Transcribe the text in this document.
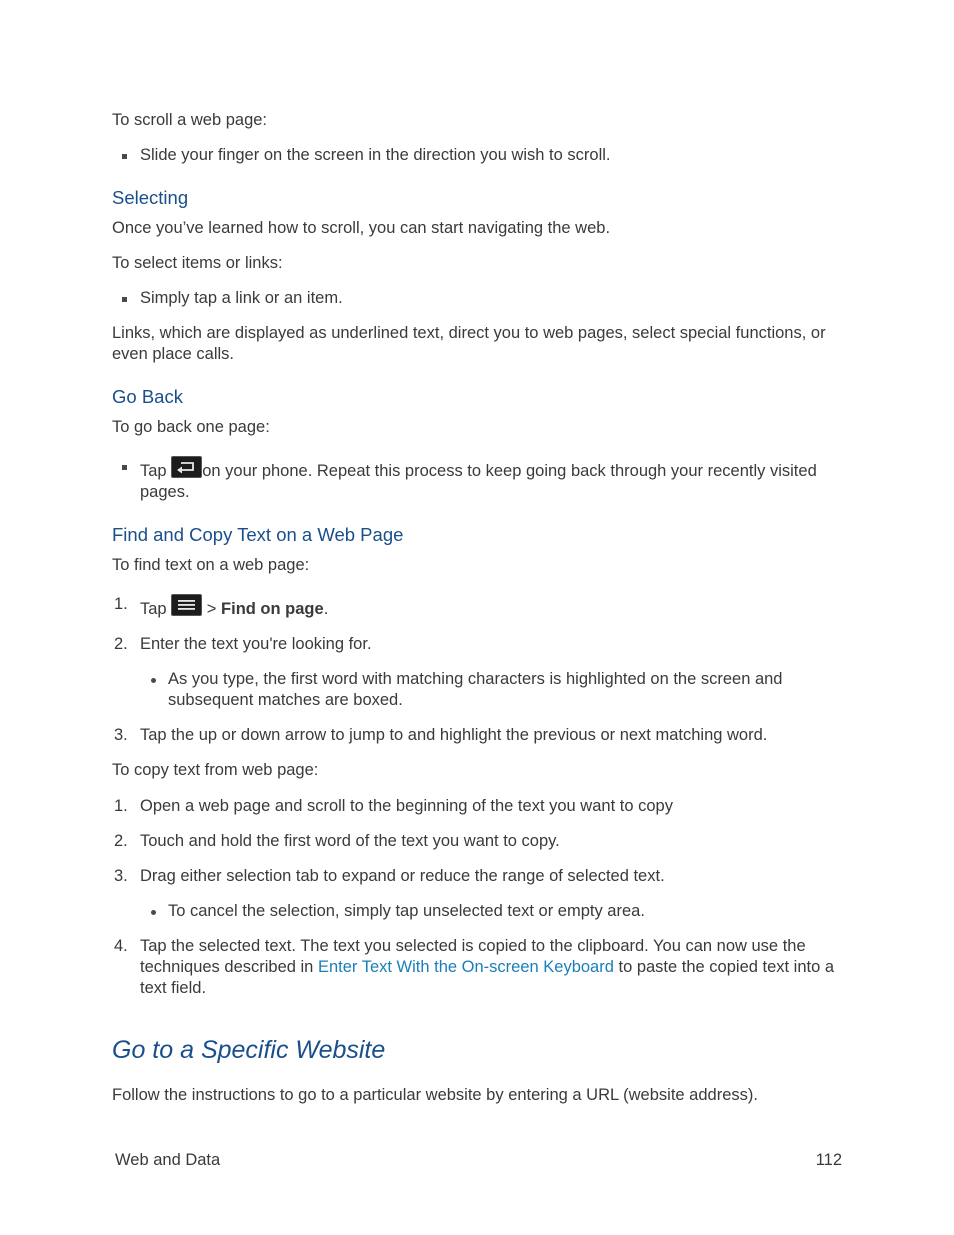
To scroll a web page:

Slide your finger on the screen in the direction you wish to scroll.
Selecting

Once you’ve learned how to scroll, you can start navigating the web.

To select items or links:

Simply tap a link or an item.

Links, which are displayed as underlined text, direct you to web pages, select special functions, or even place calls.

Go Back

To go back one page:

Tap on your phone. Repeat this process to keep going back through your recently visited pages.
Find and Copy Text on a Web Page

To find text on a web page:

1. Tap > Find on page.
2. Enter the text you're looking for.
As you type, the first word with matching characters is highlighted on the screen and subsequent matches are boxed.
3. Tap the up or down arrow to jump to and highlight the previous or next matching word.

To copy text from web page:

1. Open a web page and scroll to the beginning of the text you want to copy
2. Touch and hold the first word of the text you want to copy.
3. Drag either selection tab to expand or reduce the range of selected text.
To cancel the selection, simply tap unselected text or empty area.
4. Tap the selected text. The text you selected is copied to the clipboard. You can now use the techniques described in Enter Text With the On-screen Keyboard to paste the copied text into a text field.
Go to a Specific Website

Follow the instructions to go to a particular website by entering a URL (website address).

Web and Data	112
